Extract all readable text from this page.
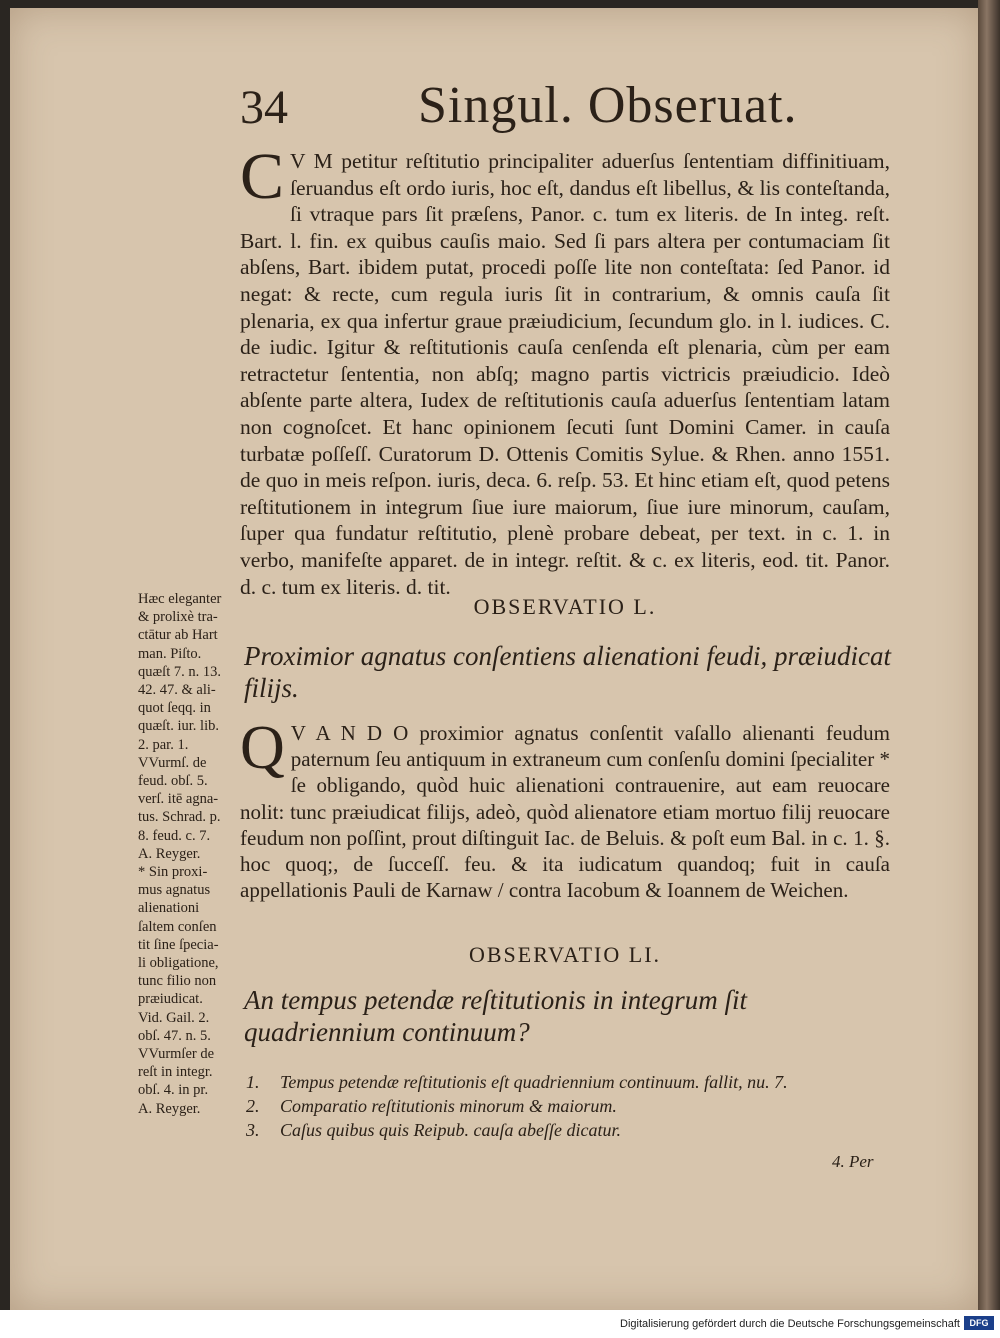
34	Singul. Obseruat.
C V M petitur reſtitutio principaliter aduerſus ſententiam diffinitiuam, ſeruandus eſt ordo iuris, hoc eſt, dandus eſt libellus, & lis conteſtanda, ſi vtraque pars ſit præſens, Panor. c. tum ex literis. de In integ. reſt. Bart. l. fin. ex quibus cauſis maio. Sed ſi pars altera per contumaciam ſit abſens, Bart. ibidem putat, procedi poſſe lite non conteſtata: ſed Panor. id negat: & recte, cum regula iuris ſit in contrarium, & omnis cauſa ſit plenaria, ex qua infertur graue præiudicium, ſecundum glo. in l. iudices. C. de iudic. Igitur & reſtitutionis cauſa cenſenda eſt plenaria, cùm per eam retractetur ſententia, non abſq; magno partis victricis præiudicio. Ideò abſente parte altera, Iudex de reſtitutionis cauſa aduerſus ſententiam latam non cognoſcet. Et hanc opinionem ſecuti ſunt Domini Camer. in cauſa turbatæ poſſeſſ. Curatorum D. Ottenis Comitis Sylue. & Rhen. anno 1551. de quo in meis reſpon. iuris, deca. 6. reſp. 53. Et hinc etiam eſt, quod petens reſtitutionem in integrum ſiue iure maiorum, ſiue iure minorum, cauſam, ſuper qua fundatur reſtitutio, plenè probare debeat, per text. in c. 1. in verbo, manifeſte apparet. de in integr. reſtit. & c. ex literis, eod. tit. Panor. d. c. tum ex literis. d. tit.

OBSERVATIO L.
Proximior agnatus conſentiens alienationi feudi, præiudicat filijs.
Q V A N D O proximior agnatus conſentit vaſallo alienanti feudum paternum ſeu antiquum in extraneum cum conſenſu domini ſpecialiter * ſe obligando, quòd huic alienationi contrauenire, aut eam reuocare nolit: tunc præiudicat filijs, adeò, quòd alienatore etiam mortuo filij reuocare feudum non poſſint, prout diſtinguit Iac. de Beluis. & poſt eum Bal. in c. 1. §. hoc quoq;, de ſucceſſ. feu. & ita iudicatum quandoq; fuit in cauſa appellationis Pauli de Karnaw / contra Iacobum & Ioannem de Weichen.

OBSERVATIO LI.
An tempus petendæ reſtitutionis in integrum ſit quadriennium continuum?
1.	Tempus petendæ reſtitutionis eſt quadriennium continuum. fallit, nu. 7.
2.	Comparatio reſtitutionis minorum & maiorum.
3.	Caſus quibus quis Reipub. cauſa abeſſe dicatur.
4. Per
Hæc eleganter
& prolixè tra-
ctātur ab Hart
man. Piſto.
quæſt 7. n. 13.
42. 47. & ali-
quot ſeqq. in
quæſt. iur. lib.
2. par. 1.
VVurmſ. de
feud. obſ. 5.
verſ. itē agna-
tus. Schrad. p.
8. feud. c. 7.
A. Reyger.
* Sin proxi-
mus agnatus
alienationi
ſaltem conſen
tit ſine ſpecia-
li obligatione,
tunc filio non
præiudicat.
Vid. Gail. 2.
obſ. 47. n. 5.
VVurmſer de
reſt in integr.
obſ. 4. in pr.
A. Reyger.
Digitalisierung gefördert durch die Deutsche Forschungsgemeinschaft	DFG
